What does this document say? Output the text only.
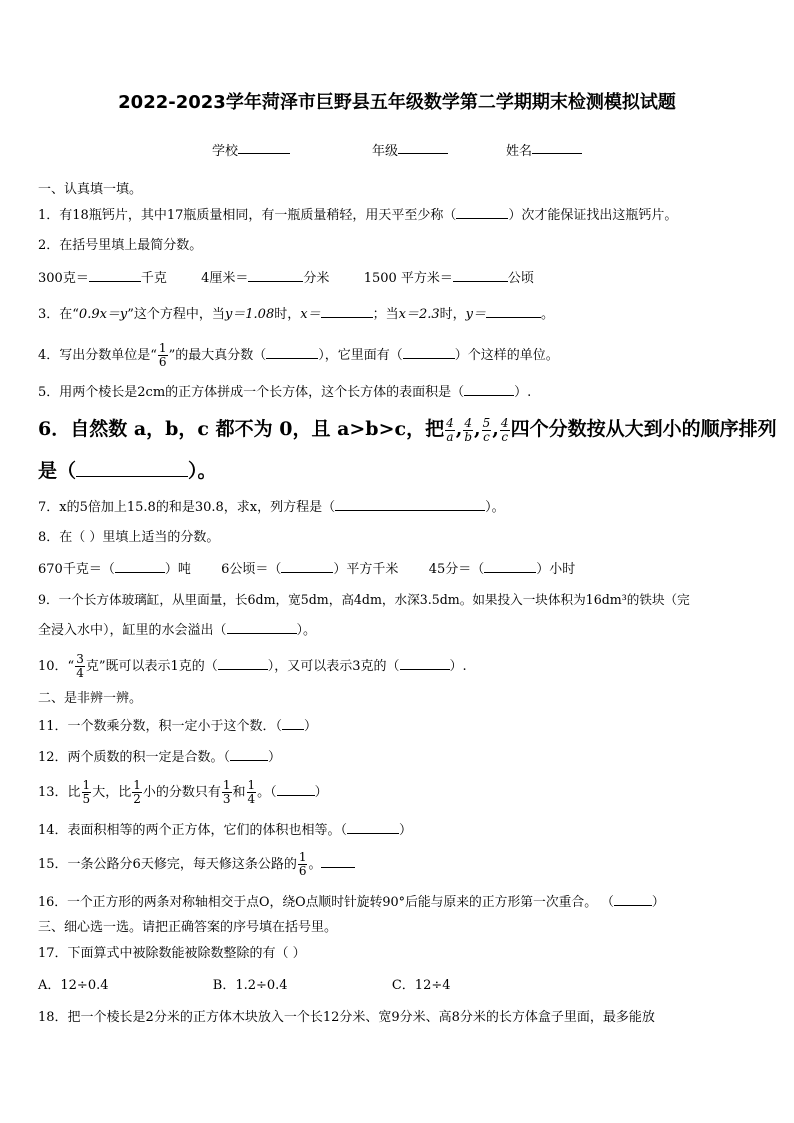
2022-2023学年菏泽市巨野县五年级数学第二学期期末检测模拟试题
学校	年级	姓名
一、认真填一填。
1．有18瓶钙片，其中17瓶质量相同，有一瓶质量稍轻，用天平至少称（	）次才能保证找出这瓶钙片。
2．在括号里填上最简分数。
300克＝	千克	4厘米＝	分米	1500 平方米＝	公顷
3．在“0.9x＝y”这个方程中，当y＝1.08时，x＝	；当x＝2.3时，y＝	。
4．写出分数单位是“ $\frac{1}{6}$ ”的最大真分数（	），它里面有（	）个这样的单位。
5．用两个棱长是2cm的正方体拼成一个长方体，这个长方体的表面积是（	）.
6．自然数 a，b，c 都不为 0，且 a>b>c，把 $\frac{4}{a}$ , $\frac{4}{b}$ , $\frac{5}{c}$ , $\frac{4}{c}$ 四个分数按从大到小的顺序排列
是（	）。
7．x的5倍加上15.8的和是30.8，求x，列方程是（	）。
8．在（ ）里填上适当的分数。
670千克＝（	）吨 6公顷＝（	）平方千米 45分＝（	）小时
9．一个长方体玻璃缸，从里面量，长6dm，宽5dm，高4dm，水深3.5dm。如果投入一块体积为16dm³的铁块（完
全浸入水中），缸里的水会溢出（	）。
10．“ $\frac{3}{4}$ 克”既可以表示1克的（	），又可以表示3克的（	）.
二、是非辨一辨。
11．一个数乘分数，积一定小于这个数．（ ）
12．两个质数的积一定是合数。（	）
13．比 $\frac{1}{5}$ 大，比 $\frac{1}{2}$ 小的分数只有 $\frac{1}{3}$ 和 $\frac{1}{4}$ 。（	）
14．表面积相等的两个正方体，它们的体积也相等。（	）
15．一条公路分6天修完，每天修这条公路的 $\frac{1}{6}$ 。
16．一个正方形的两条对称轴相交于点O，绕O点顺时针旋转90°后能与原来的正方形第一次重合。 （	）
三、细心选一选。请把正确答案的序号填在括号里。
17．下面算式中被除数能被除数整除的有（ ）
A．12÷0.4	B．1.2÷0.4	C．12÷4
18．把一个棱长是2分米的正方体木块放入一个长12分米、宽9分米、高8分米的长方体盒子里面，最多能放
